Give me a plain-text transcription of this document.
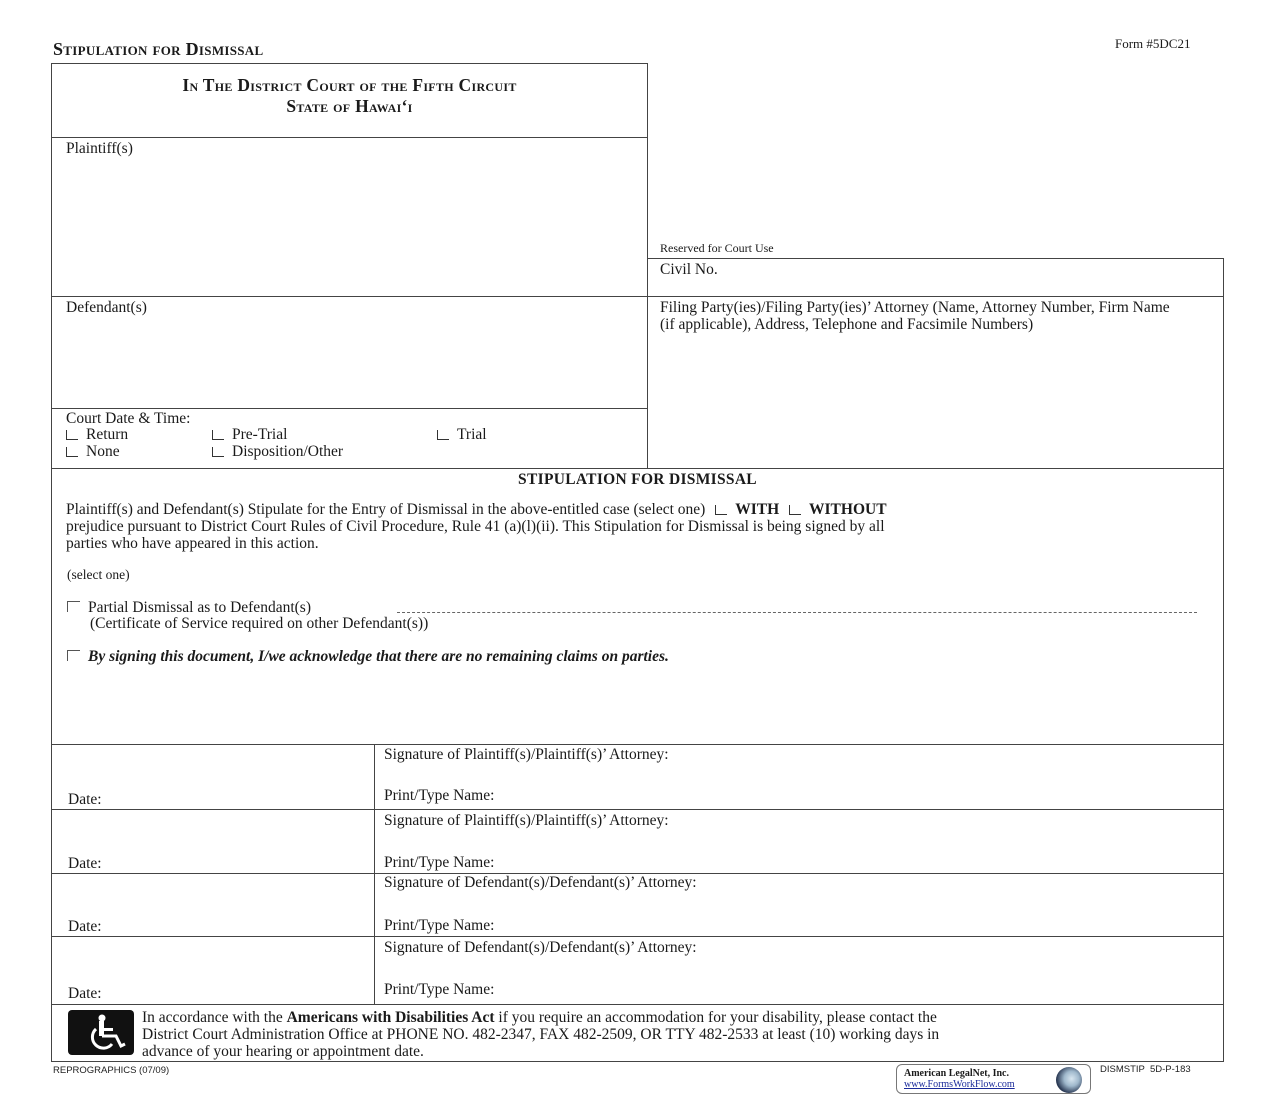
Stipulation for Dismissal	Form #5DC21
In The District Court of the Fifth Circuit
State of Hawai‘i
Plaintiff(s)
Defendant(s)
Court Date & Time:
Return	Pre-Trial	Trial
None	Disposition/Other
Reserved for Court Use
Civil No.
Filing Party(ies)/Filing Party(ies)’ Attorney (Name, Attorney Number, Firm Name (if applicable), Address, Telephone and Facsimile Numbers)
STIPULATION FOR DISMISSAL
Plaintiff(s) and Defendant(s) Stipulate for the Entry of Dismissal in the above-entitled case (select one) WITH WITHOUT
prejudice pursuant to District Court Rules of Civil Procedure, Rule 41 (a)(l)(ii). This Stipulation for Dismissal is being signed by all
parties who have appeared in this action.
(select one)
Partial Dismissal as to Defendant(s)
(Certificate of Service required on other Defendant(s))
By signing this document, I/we acknowledge that there are no remaining claims on parties.
Date:
Signature of Plaintiff(s)/Plaintiff(s)’ Attorney:
Print/Type Name:
Date:
Signature of Plaintiff(s)/Plaintiff(s)’ Attorney:
Print/Type Name:
Date:
Signature of Defendant(s)/Defendant(s)’ Attorney:
Print/Type Name:
Date:
Signature of Defendant(s)/Defendant(s)’ Attorney:
Print/Type Name:
In accordance with the Americans with Disabilities Act if you require an accommodation for your disability, please contact the
District Court Administration Office at PHONE NO. 482-2347, FAX 482-2509, OR TTY 482-2533 at least (10) working days in
advance of your hearing or appointment date.
REPROGRAPHICS (07/09)	American LegalNet, Inc.
www.FormsWorkFlow.com
DISMSTIP  5D-P-183
